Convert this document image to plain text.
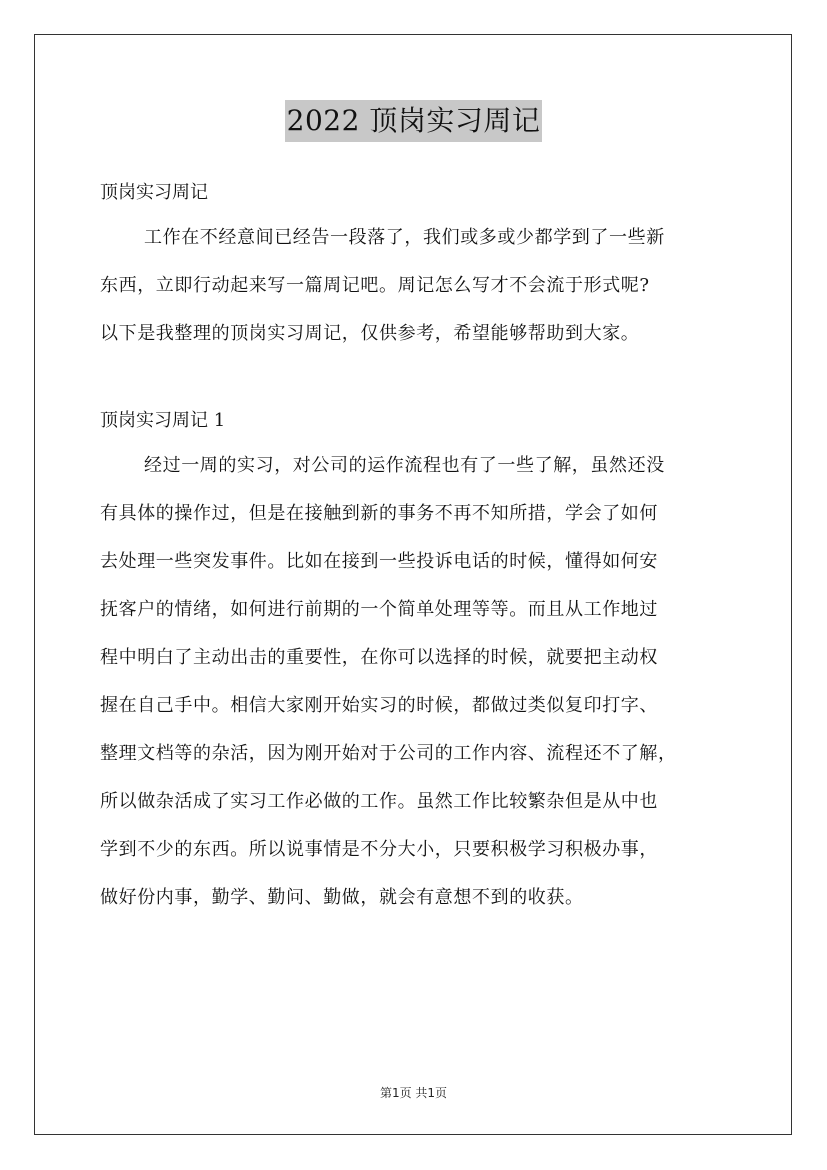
2022 顶岗实习周记
顶岗实习周记
工作在不经意间已经告一段落了，我们或多或少都学到了一些新
东西，立即行动起来写一篇周记吧。周记怎么写才不会流于形式呢?
以下是我整理的顶岗实习周记，仅供参考，希望能够帮助到大家。
顶岗实习周记 1
经过一周的实习，对公司的运作流程也有了一些了解，虽然还没
有具体的操作过，但是在接触到新的事务不再不知所措，学会了如何
去处理一些突发事件。比如在接到一些投诉电话的时候，懂得如何安
抚客户的情绪，如何进行前期的一个简单处理等等。而且从工作地过
程中明白了主动出击的重要性，在你可以选择的时候，就要把主动权
握在自己手中。相信大家刚开始实习的时候，都做过类似复印打字、
整理文档等的杂活，因为刚开始对于公司的工作内容、流程还不了解，
所以做杂活成了实习工作必做的工作。虽然工作比较繁杂但是从中也
学到不少的东西。所以说事情是不分大小，只要积极学习积极办事，
做好份内事，勤学、勤问、勤做，就会有意想不到的收获。
第1页 共1页
